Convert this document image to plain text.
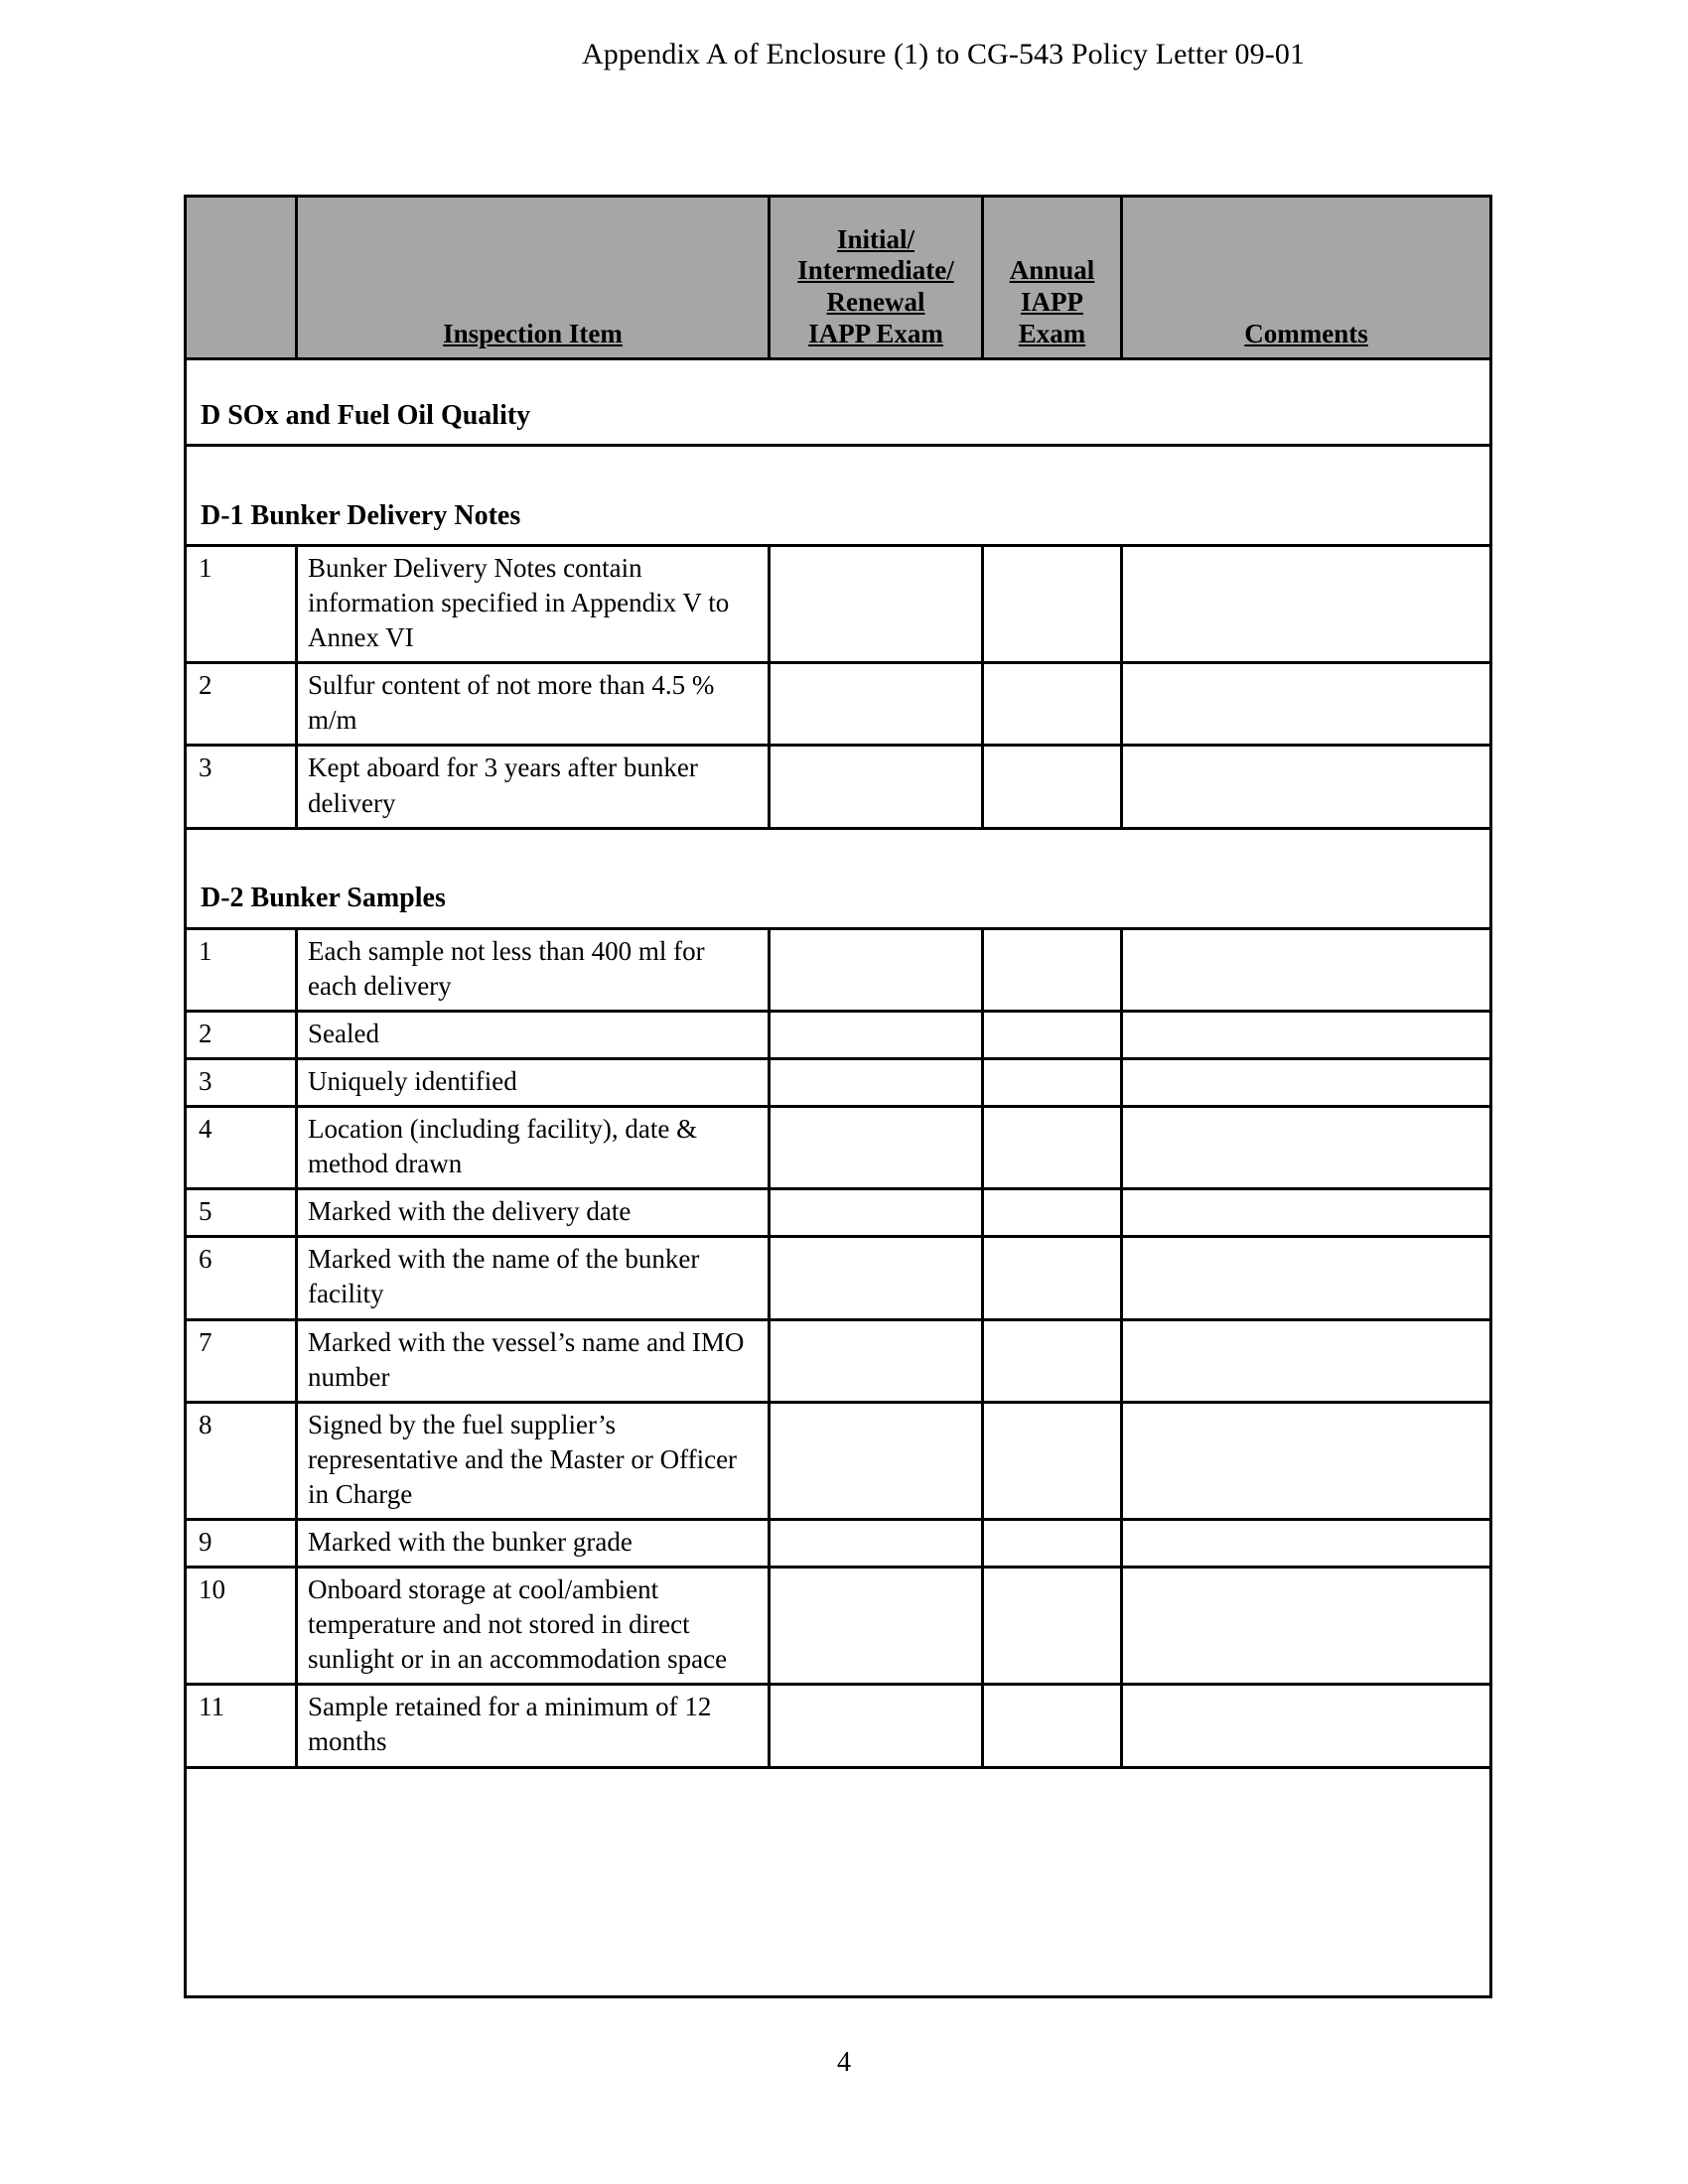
Appendix A of Enclosure (1) to CG-543 Policy Letter 09-01
	Inspection Item	Initial/
Intermediate/
Renewal
IAPP Exam	Annual
IAPP
Exam	Comments
D SOx and Fuel Oil Quality				
D-1 Bunker Delivery Notes				
1	Bunker Delivery Notes contain information specified in Appendix V to Annex VI			
2	Sulfur content of not more than 4.5 % m/m			
3	Kept aboard for 3 years after bunker delivery			
D-2 Bunker Samples				
1	Each sample not less than 400 ml for each delivery			
2	Sealed			
3	Uniquely identified			
4	Location (including facility), date & method drawn			
5	Marked with the delivery date			
6	Marked with the name of the bunker facility			
7	Marked with the vessel’s name and IMO number			
8	Signed by the fuel supplier’s representative and the Master or Officer in Charge			
9	Marked with the bunker grade			
10	Onboard storage at cool/ambient temperature and not stored in direct sunlight or in an accommodation space			
11	Sample retained for a minimum of 12 months			

4
